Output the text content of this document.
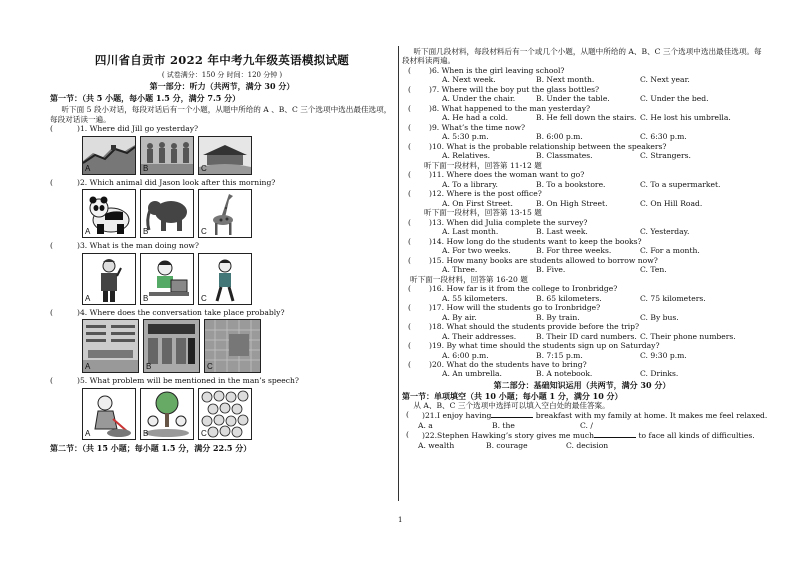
四川省自贡市 2022 年中考九年级英语模拟试题
( 试卷满分：150 分 时间：120 分钟 )
第一部分：听力（共两节，满分 30 分）
第一节：（共 5 小题，每小题 1.5 分，满分 7.5 分）

听下面 5 段小对话，每段对话后有一个小题，从题中所给的 A 、B、C 三个选项中选出最佳选项，每段对话读一遍。

(	)1. Where did Jill go yesterday?

A	B	C

(	)2. Which animal did Jason look after this morning?

A	B	C

(	)3. What is the man doing now?

A	B	C

(	)4. Where does the conversation take place probably?

A	B	C

(	)5. What problem will be mentioned in the man’s speech?

A	B	C
第二节：（共 15 小题；每小题 1.5 分，满分 22.5 分）

听下面几段材料，每段材料后有一个或几个小题，从题中所给的 A、B、C 三个选项中选出最佳选项。每段材料读两遍。

( )6. When is the girl leaving school?

A. Next week.	B. Next month.	C. Next year.

( )7. Where will the boy put the glass bottles?

A. Under the chair.	B. Under the table.	C. Under the bed.

( )8. What happened to the man yesterday?

A. He had a cold.	B. He fell down the stairs. C. He lost his umbrella.

( )9. What’s the time now?

A. 5:30 p.m.	B. 6:00 p.m.	C. 6:30 p.m.

( )10. What is the probable relationship between the speakers?

A. Relatives.	B. Classmates.	C. Strangers.

听下面一段材料，回答第 11-12 题

( )11. Where does the woman want to go?

A. To a library.	B. To a bookstore.	C. To a supermarket.

( )12. Where is the post office?

A. On First Street.	B. On High Street.	C. On Hill Road.

听下面一段材料，回答第 13-15 题

( )13. When did Julia complete the survey?

A. Last month.	B. Last week.	C. Yesterday.

( )14. How long do the students want to keep the books?

A. For two weeks.	B. For three weeks.	C. For a month.

( )15. How many books are students allowed to borrow now?

A. Three.	B. Five.	C. Ten.

听下面一段材料，回答第 16-20 题

( )16. How far is it from the college to Ironbridge?

A. 55 kilometers.	B. 65 kilometers.	C. 75 kilometers.

( )17. How will the students go to Ironbridge?

A. By air.	B. By train.	C. By bus.

( )18. What should the students provide before the trip?

A. Their addresses.	B. Their ID card numbers. C. Their phone numbers.

( )19. By what time should the students sign up on Saturday?

A. 6:00 p.m.	B. 7:15 p.m.	C. 9:30 p.m.

( )20. What do the students have to bring?

A. An umbrella.	B. A notebook.	C. Drinks.
第二部分：基础知识运用（共两节，满分 30 分）
第一节：单项填空（共 10 小题；每小题 1 分，满分 10 分）

从 A、B、C 三个选项中选择可以填入空白处的最佳答案。

( )21.I enjoy having	breakfast with my family at home. It makes me feel relaxed.

A. a	B. the	C. /

( )22.Stephen Hawking’s story gives me much	to face all kinds of difficulties.

A. wealth	B. courage	C. decision
1
